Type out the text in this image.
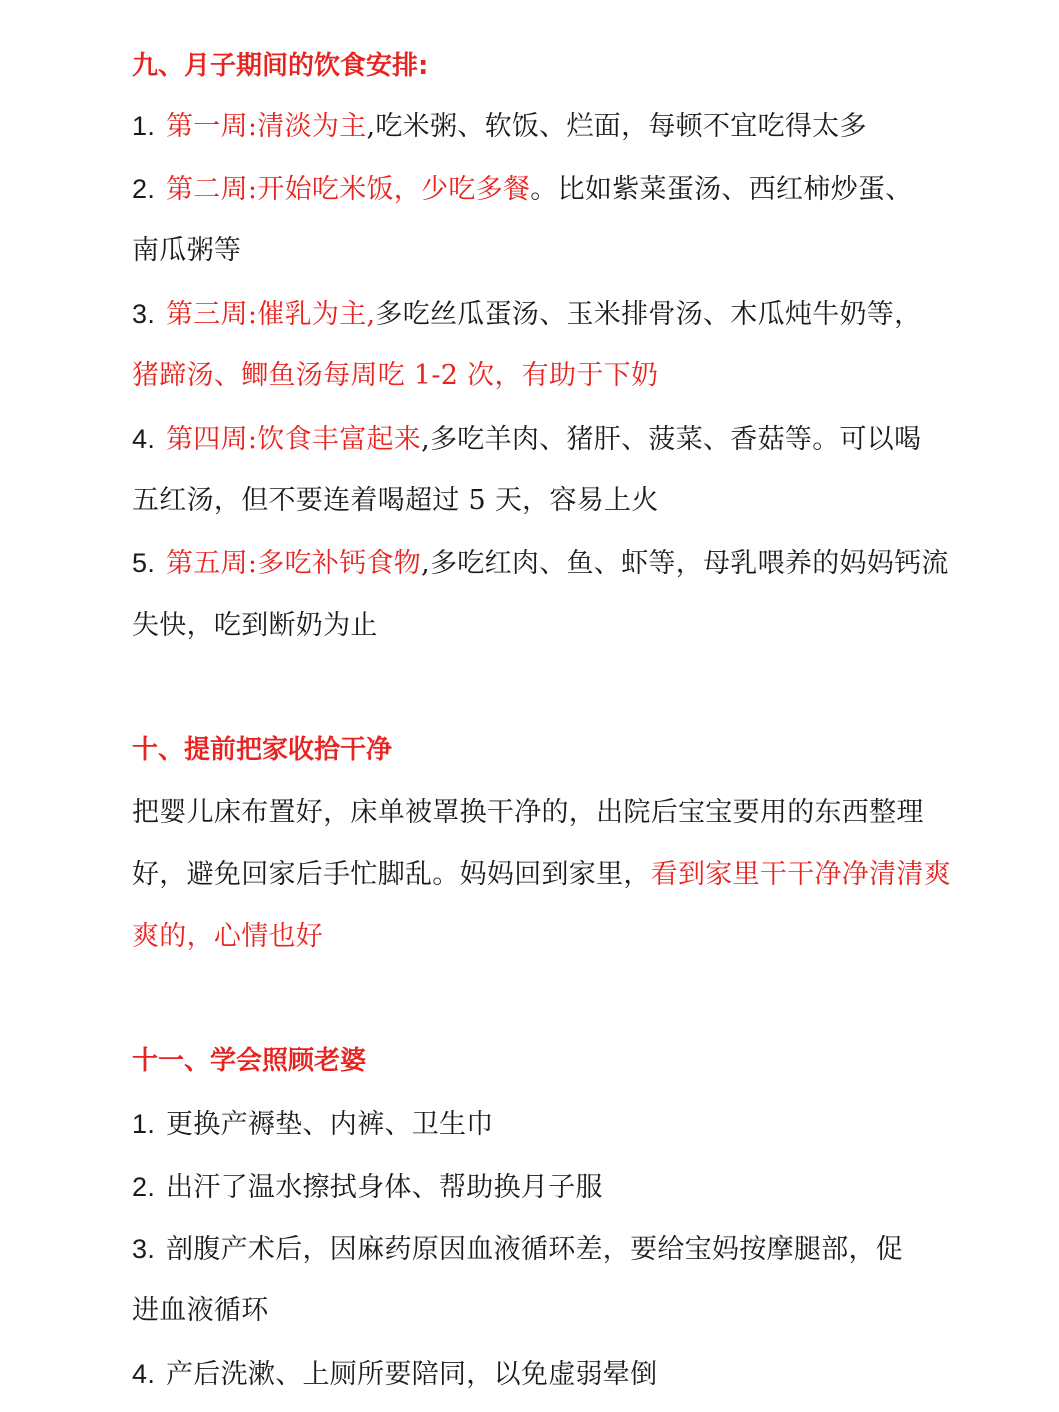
九、月子期间的饮食安排:
1. 第一周:清淡为主,吃米粥、软饭、烂面，每顿不宜吃得太多
2. 第二周:开始吃米饭，少吃多餐。比如紫菜蛋汤、西红柿炒蛋、
南瓜粥等
3. 第三周:催乳为主,多吃丝瓜蛋汤、玉米排骨汤、木瓜炖牛奶等，
猪蹄汤、鲫鱼汤每周吃 1-2 次，有助于下奶
4. 第四周:饮食丰富起来,多吃羊肉、猪肝、菠菜、香菇等。可以喝
五红汤，但不要连着喝超过 5 天，容易上火
5. 第五周:多吃补钙食物,多吃红肉、鱼、虾等，母乳喂养的妈妈钙流
失快，吃到断奶为止
十、提前把家收拾干净
把婴儿床布置好，床单被罩换干净的，出院后宝宝要用的东西整理
好，避免回家后手忙脚乱。妈妈回到家里，看到家里干干净净清清爽
爽的，心情也好
十一、学会照顾老婆
1. 更换产褥垫、内裤、卫生巾
2. 出汗了温水擦拭身体、帮助换月子服
3. 剖腹产术后，因麻药原因血液循环差，要给宝妈按摩腿部，促
进血液循环
4. 产后洗漱、上厕所要陪同，以免虚弱晕倒
